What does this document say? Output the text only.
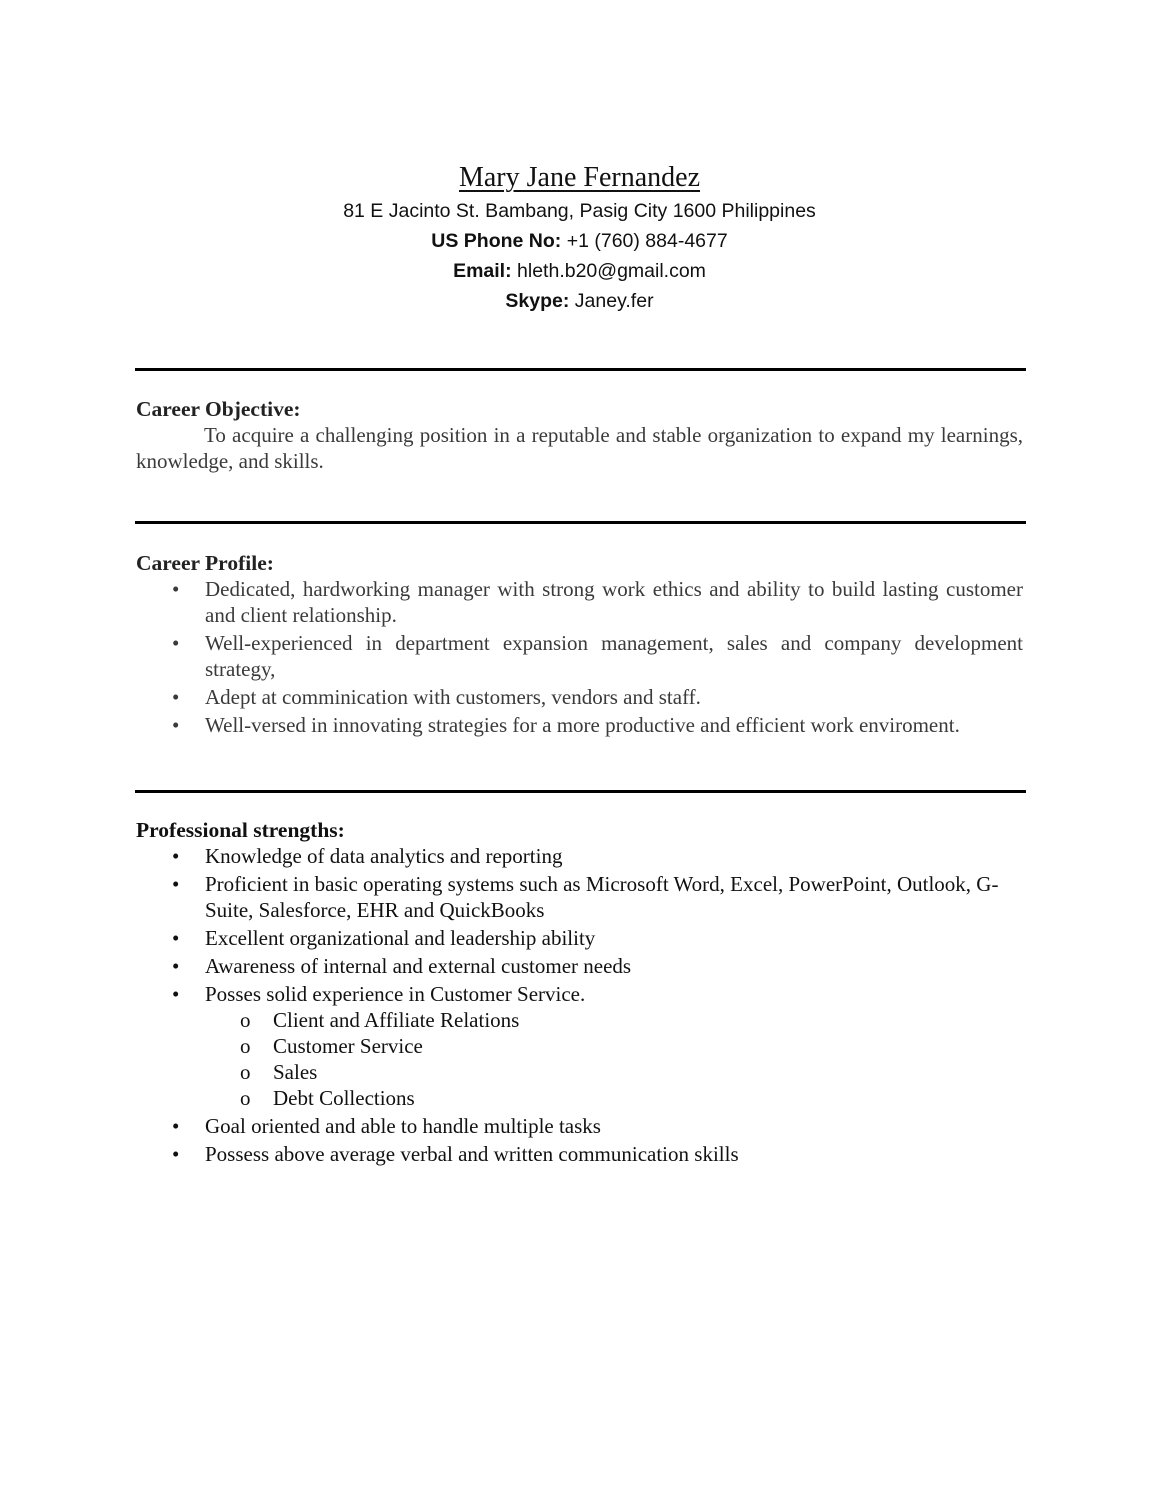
Mary Jane Fernandez
81 E Jacinto St. Bambang, Pasig City 1600 Philippines
US Phone No: +1 (760) 884-4677
Email: hleth.b20@gmail.com
Skype: Janey.fer
Career Objective:

To acquire a challenging position in a reputable and stable organization to expand my learnings, knowledge, and skills.

Career Profile:
• Dedicated, hardworking manager with strong work ethics and ability to build lasting customer and client relationship.
• Well-experienced in department expansion management, sales and company development strategy,
• Adept at comminication with customers, vendors and staff.
• Well-versed in innovating strategies for a more productive and efficient work enviroment.
Professional strengths:
• Knowledge of data analytics and reporting
• Proficient in basic operating systems such as Microsoft Word, Excel, PowerPoint, Outlook, G-Suite, Salesforce, EHR and QuickBooks
• Excellent organizational and leadership ability
• Awareness of internal and external customer needs
• Posses solid experience in Customer Service.
o Client and Affiliate Relations
o Customer Service
o Sales
o Debt Collections
• Goal oriented and able to handle multiple tasks
• Possess above average verbal and written communication skills
